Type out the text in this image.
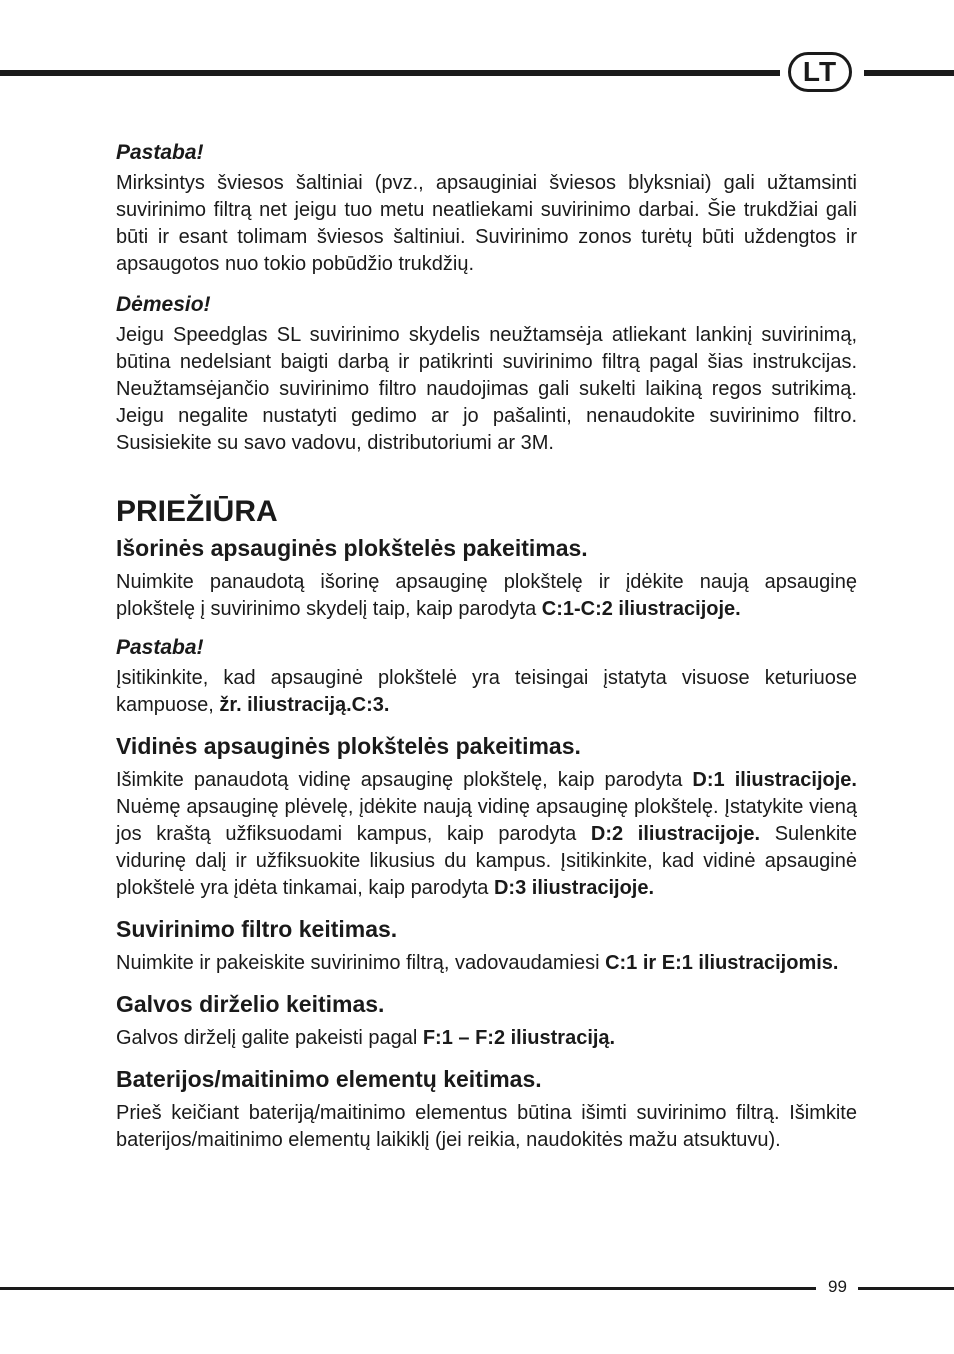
LT
Pastaba!

Mirksintys šviesos šaltiniai (pvz., apsauginiai šviesos blyksniai) gali užtamsinti suvirinimo filtrą net jeigu tuo metu neatliekami suvirinimo darbai. Šie trukdžiai gali būti ir esant tolimam šviesos šaltiniui. Suvirinimo zonos turėtų būti uždengtos ir apsaugotos nuo tokio pobūdžio trukdžių.

Dėmesio!

Jeigu Speedglas SL suvirinimo skydelis neužtamsėja atliekant lankinį suvirinimą, būtina nedelsiant baigti darbą ir patikrinti suvirinimo filtrą pagal šias instrukcijas. Neužtamsėjančio suvirinimo filtro naudojimas gali sukelti laikiną regos sutrikimą. Jeigu negalite nustatyti gedimo ar jo pašalinti, nenaudokite suvirinimo filtro. Susisiekite su savo vadovu, distributoriumi ar 3M.

PRIEŽIŪRA
Išorinės apsauginės plokštelės pakeitimas.

Nuimkite panaudotą išorinę apsauginę plokštelę ir įdėkite naują apsauginę plokštelę į suvirinimo skydelį taip, kaip parodyta C:1-C:2 iliustracijoje.

Pastaba!

Įsitikinkite, kad apsauginė plokštelė yra teisingai įstatyta visuose keturiuose kampuose, žr. iliustraciją.C:3.

Vidinės apsauginės plokštelės pakeitimas.

Išimkite panaudotą vidinę apsauginę plokštelę, kaip parodyta D:1 iliustracijoje. Nuėmę apsauginę plėvelę, įdėkite naują vidinę apsauginę plokštelę. Įstatykite vieną jos kraštą užfiksuodami kampus, kaip parodyta D:2 iliustracijoje. Sulenkite vidurinę dalį ir užfiksuokite likusius du kampus. Įsitikinkite, kad vidinė apsauginė plokštelė yra įdėta tinkamai, kaip parodyta D:3 iliustracijoje.

Suvirinimo filtro keitimas.

Nuimkite ir pakeiskite suvirinimo filtrą, vadovaudamiesi C:1 ir E:1 iliustracijomis.

Galvos dirželio keitimas.

Galvos dirželį galite pakeisti pagal F:1 – F:2 iliustraciją.

Baterijos/maitinimo elementų keitimas.

Prieš keičiant bateriją/maitinimo elementus būtina išimti suvirinimo filtrą. Išimkite baterijos/maitinimo elementų laikiklį (jei reikia, naudokitės mažu atsuktuvu).

99
